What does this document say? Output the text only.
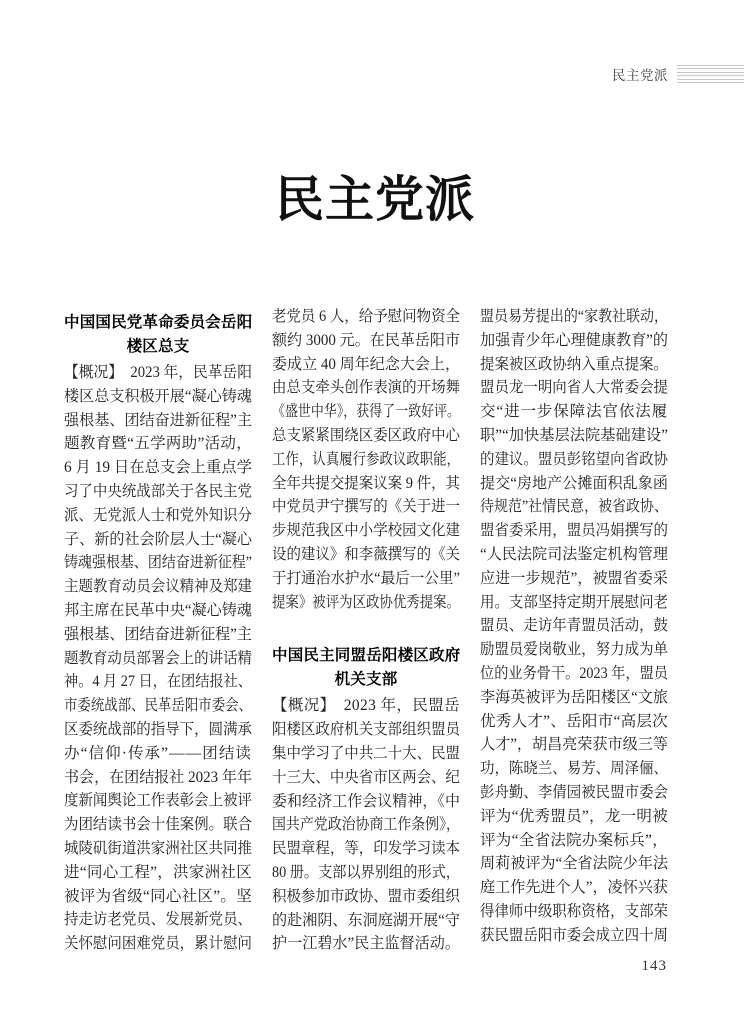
民主党派
民主党派
中国国民党革命委员会岳阳
楼区总支
【概况】　2023 年，民革岳阳
楼区总支积极开展“凝心铸魂
强根基、团结奋进新征程”主
题教育暨“五学两助”活动，
6 月 19 日在总支会上重点学
习了中央统战部关于各民主党
派、无党派人士和党外知识分
子、新的社会阶层人士“凝心
铸魂强根基、团结奋进新征程”
主题教育动员会议精神及郑建
邦主席在民革中央“凝心铸魂
强根基、团结奋进新征程”主
题教育动员部署会上的讲话精
神。4 月 27 日，在团结报社、
市委统战部、民革岳阳市委会、
区委统战部的指导下，圆满承
办“信仰·传承”——团结读
书会，在团结报社 2023 年年
度新闻舆论工作表彰会上被评
为团结读书会十佳案例。联合
城陵矶街道洪家洲社区共同推
进“同心工程”，洪家洲社区
被评为省级“同心社区”。坚
持走访老党员、发展新党员、
关怀慰问困难党员，累计慰问
老党员 6 人，给予慰问物资全
额约 3000 元。在民革岳阳市
委成立 40 周年纪念大会上，
由总支牵头创作表演的开场舞
《盛世中华》，获得了一致好评。
总支紧紧围绕区委区政府中心
工作，认真履行参政议政职能，
全年共提交提案议案 9 件，其
中党员尹宁撰写的《关于进一
步规范我区中小学校园文化建
设的建议》和李薇撰写的《关
于打通治水护水“最后一公里”
提案》被评为区政协优秀提案。
中国民主同盟岳阳楼区政府
机关支部
【概况】　2023 年，民盟岳
阳楼区政府机关支部组织盟员
集中学习了中共二十大、民盟
十三大、中央省市区两会、纪
委和经济工作会议精神，《中
国共产党政治协商工作条例》，
民盟章程，等，印发学习读本
80 册。支部以界别组的形式，
积极参加市政协、盟市委组织
的赴湘阴、东洞庭湖开展“守
护一江碧水”民主监督活动。
盟员易芳提出的“家教社联动，
加强青少年心理健康教育”的
提案被区政协纳入重点提案。
盟员龙一明向省人大常委会提
交“进一步保障法官依法履
职”“加快基层法院基础建设”
的建议。盟员彭铭望向省政协
提交“房地产公摊面积乱象函
待规范”社情民意，被省政协、
盟省委采用，盟员冯娟撰写的
“人民法院司法鉴定机构管理
应进一步规范”，被盟省委采
用。支部坚持定期开展慰问老
盟员、走访年青盟员活动，鼓
励盟员爱岗敬业，努力成为单
位的业务骨干。2023 年，盟员
李海英被评为岳阳楼区“文旅
优秀人才”、岳阳市“高层次
人才”，胡昌亮荣获市级三等
功，陈晓兰、易芳、周泽俪、
彭舟勤、李倩园被民盟市委会
评为“优秀盟员”，龙一明被
评为“全省法院办案标兵”，
周莉被评为“全省法院少年法
庭工作先进个人”，凌怀兴获
得律师中级职称资格，支部荣
获民盟岳阳市委会成立四十周
143
